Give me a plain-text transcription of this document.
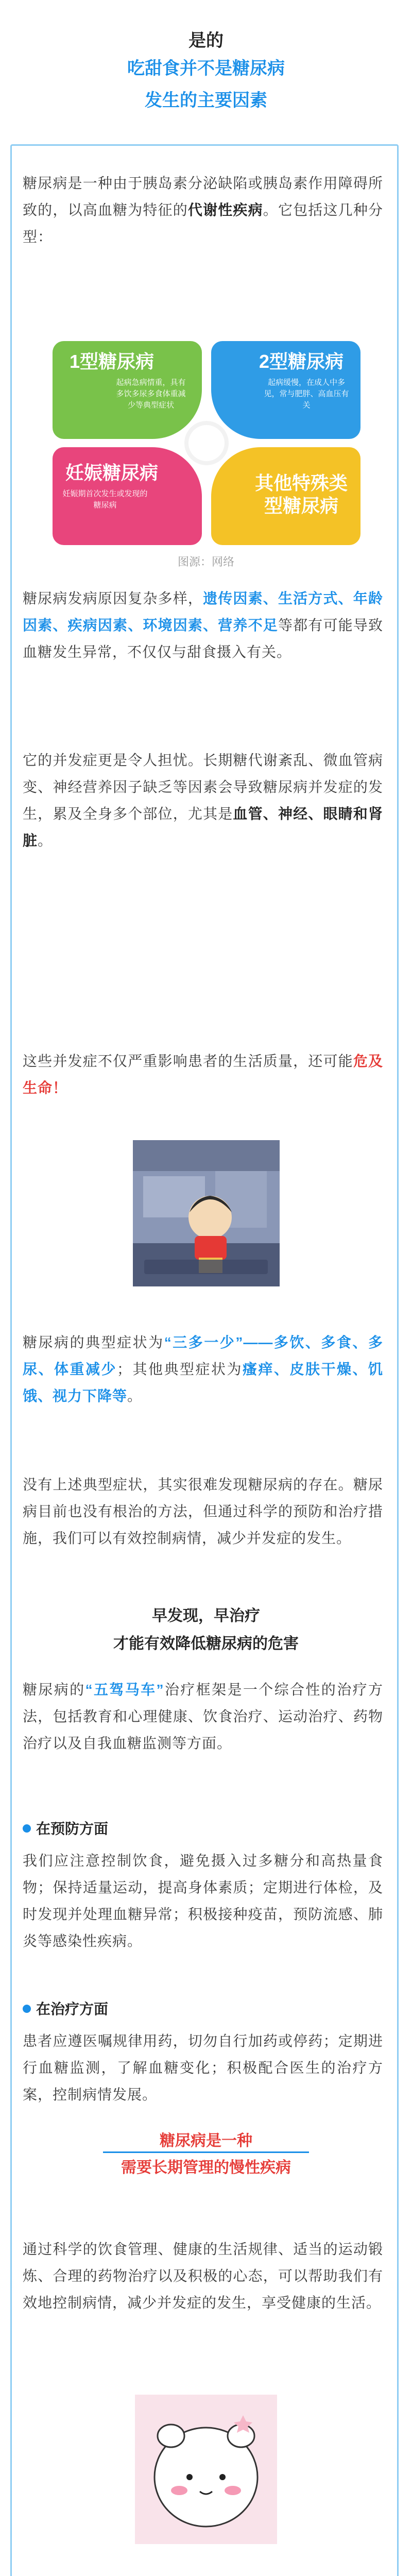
是的
吃甜食并不是糖尿病
发生的主要因素
糖尿病是一种由于胰岛素分泌缺陷或胰岛素作用障碍所致的，以高血糖为特征的代谢性疾病。它包括这几种分型：
1型糖尿病
起病急病情重，具有多饮多尿多食体重减少等典型症状
2型糖尿病
起病缓慢，在成人中多见，常与肥胖、高血压有关
妊娠糖尿病
妊娠期首次发生或发现的糖尿病
其他特殊类型糖尿病
图源：网络
糖尿病发病原因复杂多样，遗传因素、生活方式、年龄因素、疾病因素、环境因素、营养不足等都有可能导致血糖发生异常，不仅仅与甜食摄入有关。
它的并发症更是令人担忧。长期糖代谢紊乱、微血管病变、神经营养因子缺乏等因素会导致糖尿病并发症的发生，累及全身多个部位，尤其是血管、神经、眼睛和肾脏。
这些并发症不仅严重影响患者的生活质量，还可能危及生命！
糖尿病的典型症状为“三多一少”——多饮、多食、多尿、体重减少；其他典型症状为瘙痒、皮肤干燥、饥饿、视力下降等。
没有上述典型症状，其实很难发现糖尿病的存在。糖尿病目前也没有根治的方法，但通过科学的预防和治疗措施，我们可以有效控制病情，减少并发症的发生。
早发现，早治疗
才能有效降低糖尿病的危害
糖尿病的“五驾马车”治疗框架是一个综合性的治疗方法，包括教育和心理健康、饮食治疗、运动治疗、药物治疗以及自我血糖监测等方面。
在预防方面
我们应注意控制饮食，避免摄入过多糖分和高热量食物；保持适量运动，提高身体素质；定期进行体检，及时发现并处理血糖异常；积极接种疫苗，预防流感、肺炎等感染性疾病。
在治疗方面
患者应遵医嘱规律用药，切勿自行加药或停药；定期进行血糖监测，了解血糖变化；积极配合医生的治疗方案，控制病情发展。
糖尿病是一种
需要长期管理的慢性疾病
通过科学的饮食管理、健康的生活规律、适当的运动锻炼、合理的药物治疗以及积极的心态，可以帮助我们有效地控制病情，减少并发症的发生，享受健康的生活。
